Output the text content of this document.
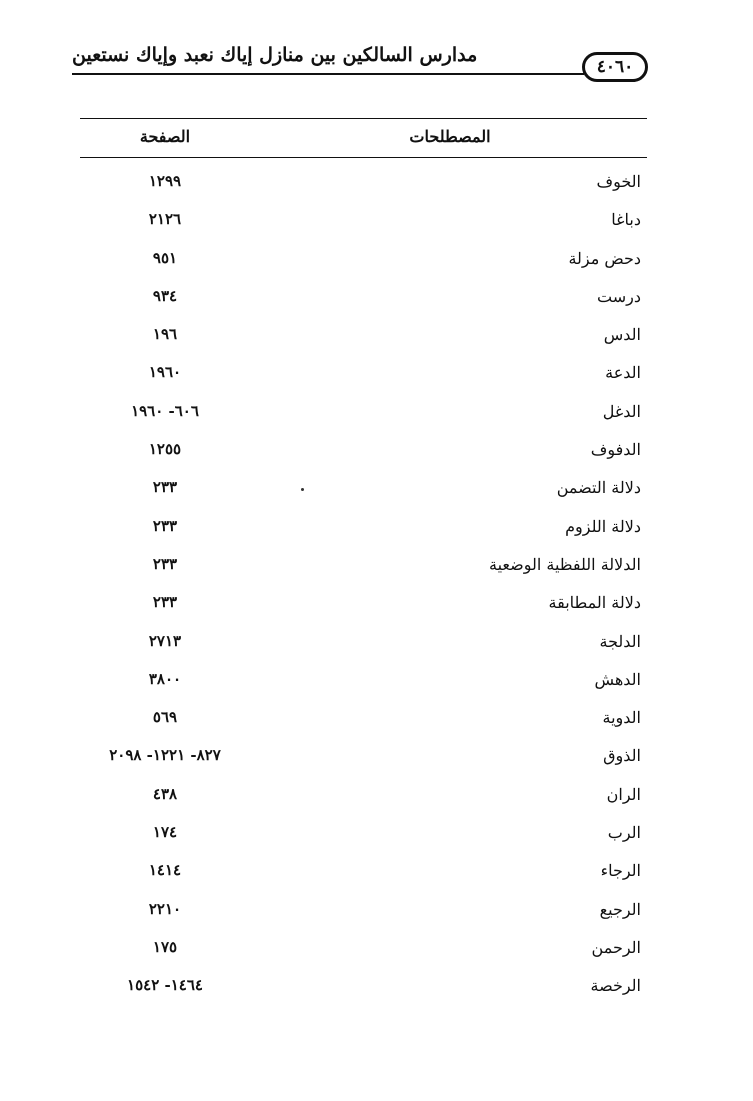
مدارس السالكين بين منازل إياك نعبد وإياك نستعين
٤٠٦٠
المصطلحات
الصفحة
الخوف
١٢٩٩
دباغا
٢١٢٦
دحض مزلة
٩٥١
درست
٩٣٤
الدس
١٩٦
الدعة
١٩٦٠
الدغل
٦٠٦- ١٩٦٠
الدفوف
١٢٥٥
دلالة التضمن
٢٣٣
دلالة اللزوم
٢٣٣
الدلالة اللفظية الوضعية
٢٣٣
دلالة المطابقة
٢٣٣
الدلجة
٢٧١٣
الدهش
٣٨٠٠
الدوية
٥٦٩
الذوق
٨٢٧- ١٢٢١- ٢٠٩٨
الران
٤٣٨
الرب
١٧٤
الرجاء
١٤١٤
الرجيع
٢٢١٠
الرحمن
١٧٥
الرخصة
١٤٦٤- ١٥٤٢
